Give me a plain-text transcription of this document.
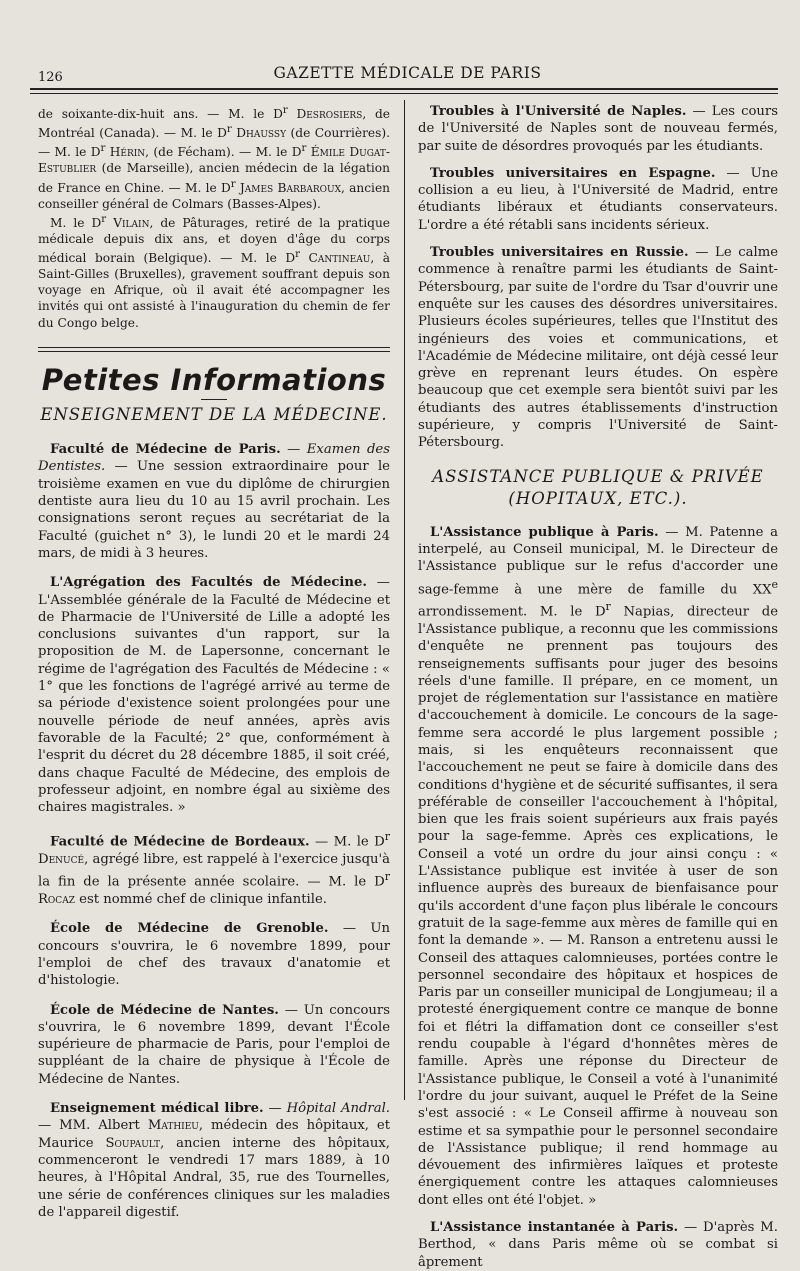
126	GAZETTE MÉDICALE DE PARIS

de soixante-dix-huit ans. — M. le $D^r$ Desrosiers, de Montréal (Canada). — M. le $D^r$ Dhaussy (de Courrières). — M. le $D^r$ Hérin, (de Fécham). — M. le $D^r$ Émile Dugat-Estublier (de Marseille), ancien médecin de la légation de France en Chine. — M. le $D^r$ James Barbaroux, ancien conseiller général de Colmars (Basses-Alpes).

M. le $D^r$ Vilain, de Pâturages, retiré de la pratique médicale depuis dix ans, et doyen d'âge du corps médical borain (Belgique). — M. le $D^r$ Cantineau, à Saint-Gilles (Bruxelles), gravement souffrant depuis son voyage en Afrique, où il avait été accompagner les invités qui ont assisté à l'inauguration du chemin de fer du Congo belge.

Petites Informations
ENSEIGNEMENT DE LA MÉDECINE.

Faculté de Médecine de Paris. — Examen des Dentistes. — Une session extraordinaire pour le troisième examen en vue du diplôme de chirurgien dentiste aura lieu du 10 au 15 avril prochain. Les consignations seront reçues au secrétariat de la Faculté (guichet n° 3), le lundi 20 et le mardi 24 mars, de midi à 3 heures.

L'Agrégation des Facultés de Médecine. — L'Assemblée générale de la Faculté de Médecine et de Pharmacie de l'Université de Lille a adopté les conclusions suivantes d'un rapport, sur la proposition de M. de Lapersonne, concernant le régime de l'agrégation des Facultés de Médecine : « 1° que les fonctions de l'agrégé arrivé au terme de sa période d'existence soient prolongées pour une nouvelle période de neuf années, après avis favorable de la Faculté; 2° que, conformément à l'esprit du décret du 28 décembre 1885, il soit créé, dans chaque Faculté de Médecine, des emplois de professeur adjoint, en nombre égal au sixième des chaires magistrales. »

Faculté de Médecine de Bordeaux. — M. le $D^r$ Denucé, agrégé libre, est rappelé à l'exercice jusqu'à la fin de la présente année scolaire. — M. le $D^r$ Rocaz est nommé chef de clinique infantile.

École de Médecine de Grenoble. — Un concours s'ouvrira, le 6 novembre 1899, pour l'emploi de chef des travaux d'anatomie et d'histologie.

École de Médecine de Nantes. — Un concours s'ouvrira, le 6 novembre 1899, devant l'École supérieure de pharmacie de Paris, pour l'emploi de suppléant de la chaire de physique à l'École de Médecine de Nantes.

Enseignement médical libre. — Hôpital Andral. — MM. Albert Mathieu, médecin des hôpitaux, et Maurice Soupault, ancien interne des hôpitaux, commenceront le vendredi 17 mars 1889, à 10 heures, à l'Hôpital Andral, 35, rue des Tournelles, une série de conférences cliniques sur les maladies de l'appareil digestif.

Troubles à l'Université de Naples. — Les cours de l'Université de Naples sont de nouveau fermés, par suite de désordres provoqués par les étudiants.

Troubles universitaires en Espagne. — Une collision a eu lieu, à l'Université de Madrid, entre étudiants libéraux et étudiants conservateurs. L'ordre a été rétabli sans incidents sérieux.

Troubles universitaires en Russie. — Le calme commence à renaître parmi les étudiants de Saint-Pétersbourg, par suite de l'ordre du Tsar d'ouvrir une enquête sur les causes des désordres universitaires. Plusieurs écoles supérieures, telles que l'Institut des ingénieurs des voies et communications, et l'Académie de Médecine militaire, ont déjà cessé leur grève en reprenant leurs études. On espère beaucoup que cet exemple sera bientôt suivi par les étudiants des autres établissements d'instruction supérieure, y compris l'Université de Saint-Pétersbourg.

ASSISTANCE PUBLIQUE & PRIVÉE
(HOPITAUX, ETC.).

L'Assistance publique à Paris. — M. Patenne a interpelé, au Conseil municipal, M. le Directeur de l'Assistance publique sur le refus d'accorder une sage-femme à une mère de famille du XXe arrondissement. M. le $D^r$ Napias, directeur de l'Assistance publique, a reconnu que les commissions d'enquête ne prennent pas toujours des renseignements suffisants pour juger des besoins réels d'une famille. Il prépare, en ce moment, un projet de réglementation sur l'assistance en matière d'accouchement à domicile. Le concours de la sage-femme sera accordé le plus largement possible ; mais, si les enquêteurs reconnaissent que l'accouchement ne peut se faire à domicile dans des conditions d'hygiène et de sécurité suffisantes, il sera préférable de conseiller l'accouchement à l'hôpital, bien que les frais soient supérieurs aux frais payés pour la sage-femme. Après ces explications, le Conseil a voté un ordre du jour ainsi conçu : « L'Assistance publique est invitée à user de son influence auprès des bureaux de bienfaisance pour qu'ils accordent d'une façon plus libérale le concours gratuit de la sage-femme aux mères de famille qui en font la demande ». — M. Ranson a entretenu aussi le Conseil des attaques calomnieuses, portées contre le personnel secondaire des hôpitaux et hospices de Paris par un conseiller municipal de Longjumeau; il a protesté énergiquement contre ce manque de bonne foi et flétri la diffamation dont ce conseiller s'est rendu coupable à l'égard d'honnêtes mères de famille. Après une réponse du Directeur de l'Assistance publique, le Conseil a voté à l'unanimité l'ordre du jour suivant, auquel le Préfet de la Seine s'est associé : « Le Conseil affirme à nouveau son estime et sa sympathie pour le personnel secondaire de l'Assistance publique; il rend hommage au dévouement des infirmières laïques et proteste énergiquement contre les attaques calomnieuses dont elles ont été l'objet. »

L'Assistance instantanée à Paris. — D'après M. Berthod, « dans Paris même où se combat si âprement
